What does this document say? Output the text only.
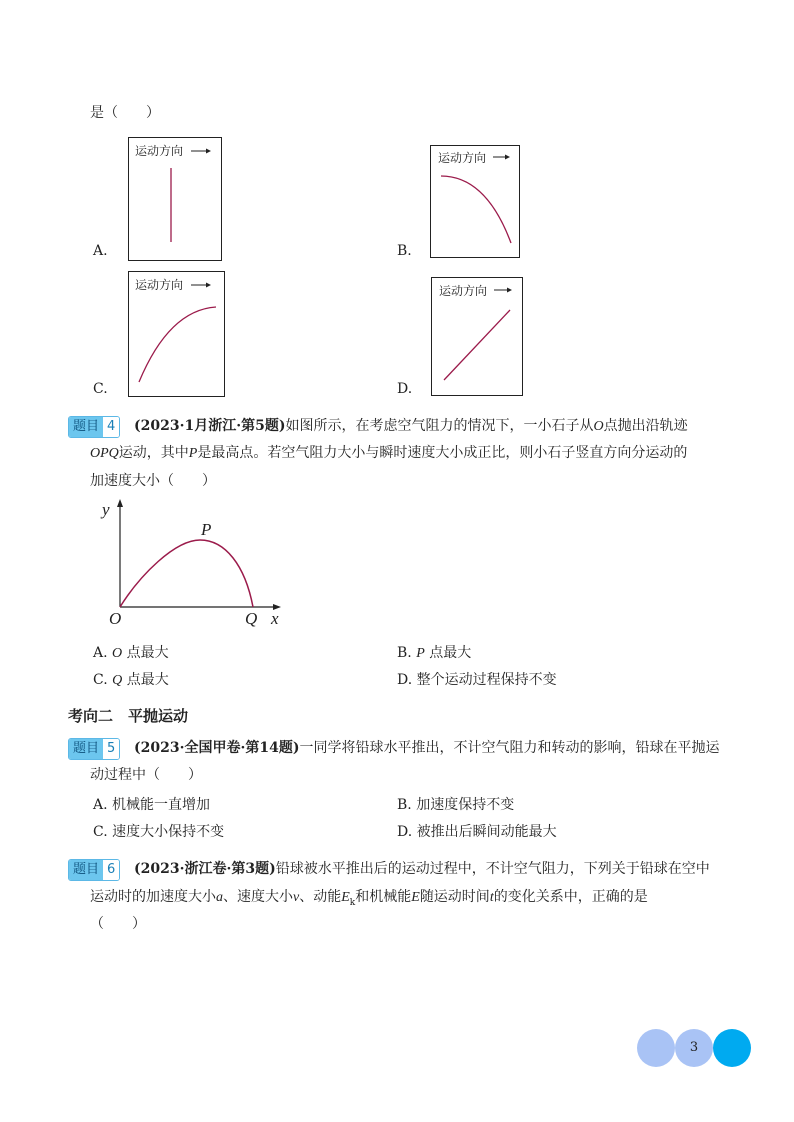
是（　　）
A.
运动方向
B.
运动方向
C.
运动方向
D.
运动方向
题目 4 (2023·1月浙江·第5题)如图所示，在考虑空气阻力的情况下，一小石子从O点抛出沿轨迹
OPQ运动，其中P是最高点。若空气阻力大小与瞬时速度大小成正比，则小石子竖直方向分运动的
加速度大小（　　）
y
P
O	Q x
A. O 点最大	B. P 点最大
C. Q 点最大	D. 整个运动过程保持不变
考向二　平抛运动
题目 5 (2023·全国甲卷·第14题)一同学将铅球水平推出，不计空气阻力和转动的影响，铅球在平抛运
动过程中（　　）
A. 机械能一直增加	B. 加速度保持不变
C. 速度大小保持不变	D. 被推出后瞬间动能最大
题目 6 (2023·浙江卷·第3题)铅球被水平推出后的运动过程中，不计空气阻力，下列关于铅球在空中
运动时的加速度大小a、速度大小v、动能$E_k$和机械能E随运动时间t的变化关系中，正确的是
（　　）
3
